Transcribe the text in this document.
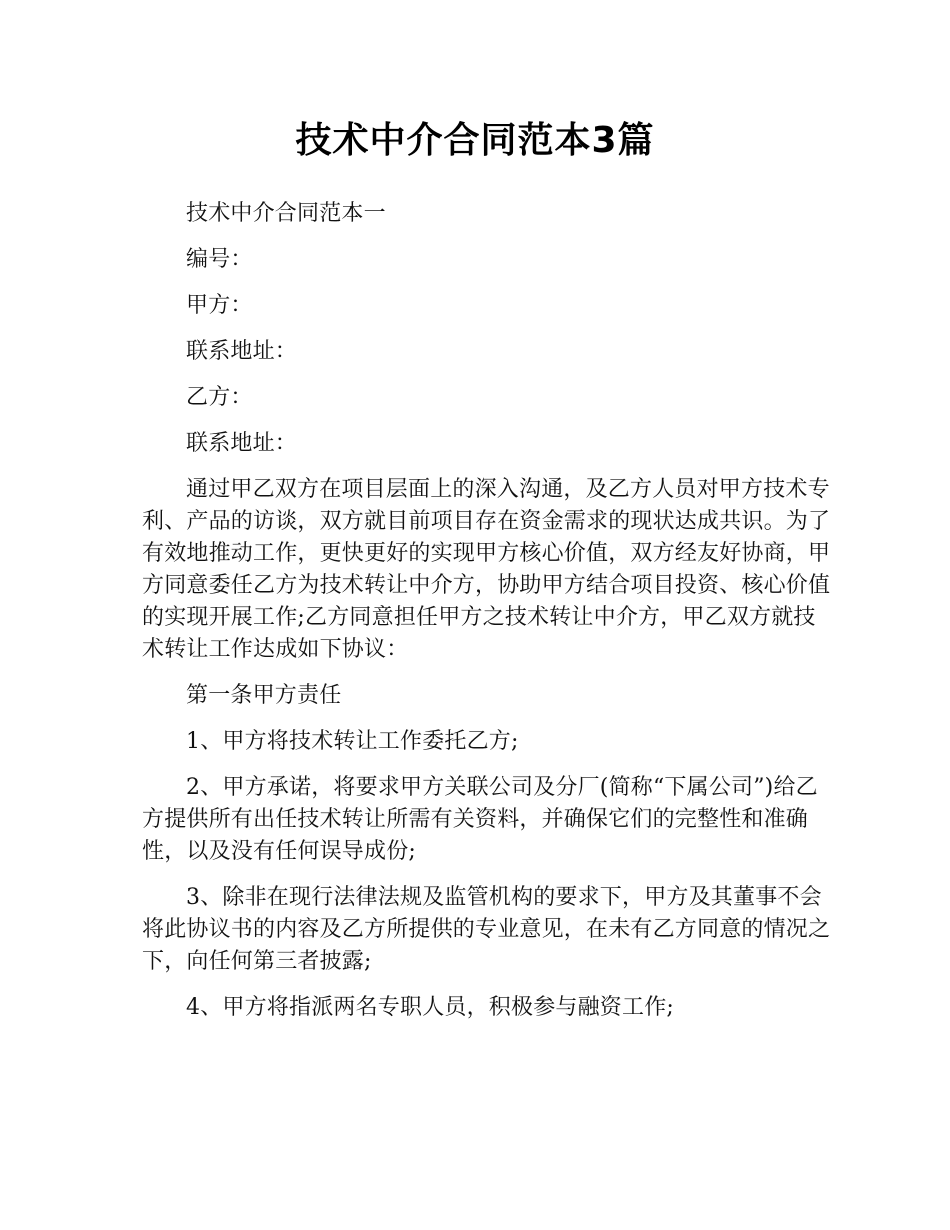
技术中介合同范本3篇

技术中介合同范本一

编号：

甲方：

联系地址：

乙方：

联系地址：

通过甲乙双方在项目层面上的深入沟通，及乙方人员对甲方技术专利、产品的访谈，双方就目前项目存在资金需求的现状达成共识。为了有效地推动工作，更快更好的实现甲方核心价值，双方经友好协商，甲方同意委任乙方为技术转让中介方，协助甲方结合项目投资、核心价值的实现开展工作;乙方同意担任甲方之技术转让中介方，甲乙双方就技术转让工作达成如下协议：

第一条甲方责任

1、甲方将技术转让工作委托乙方;

2、甲方承诺，将要求甲方关联公司及分厂(简称“下属公司”)给乙方提供所有出任技术转让所需有关资料，并确保它们的完整性和准确性，以及没有任何误导成份;

3、除非在现行法律法规及监管机构的要求下，甲方及其董事不会将此协议书的内容及乙方所提供的专业意见，在未有乙方同意的情况之下，向任何第三者披露;

4、甲方将指派两名专职人员，积极参与融资工作;
